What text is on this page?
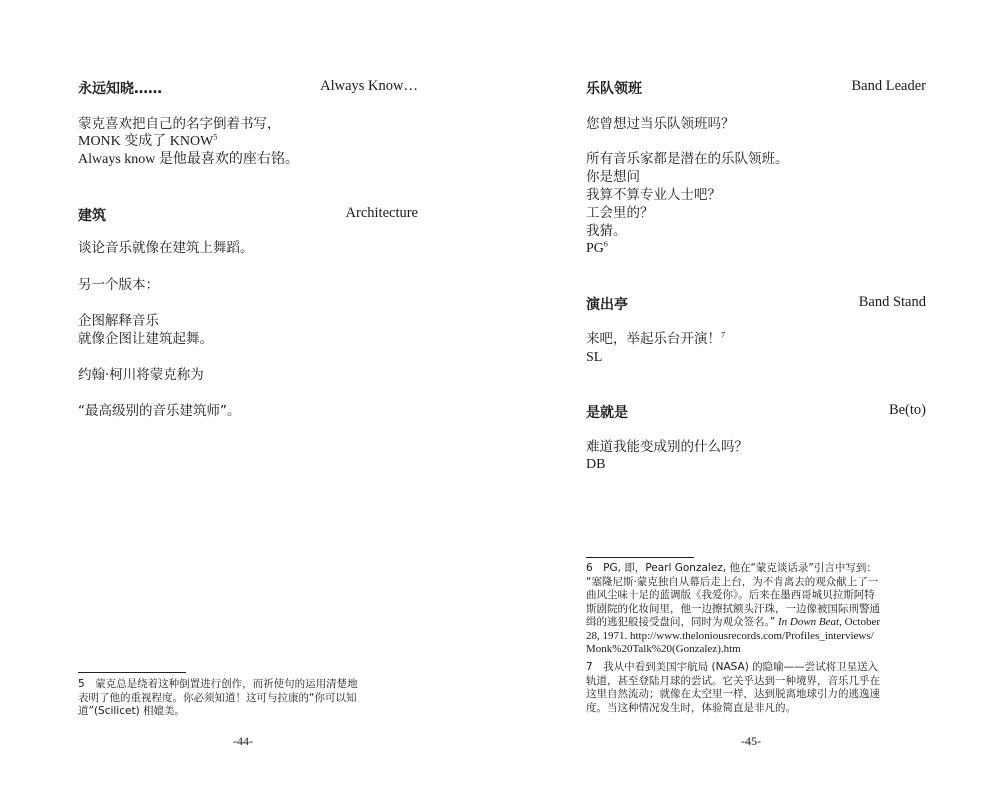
永远知晓……	Always Know…
蒙克喜欢把自己的名字倒着书写，
MONK 变成了 KNOW$^5$
Always know 是他最喜欢的座右铭。
建筑	Architecture
谈论音乐就像在建筑上舞蹈。
另一个版本：
企图解释音乐
就像企图让建筑起舞。
约翰·柯川将蒙克称为
“最高级别的音乐建筑师”。
5　蒙克总是绕着这种倒置进行创作，而祈使句的运用清楚地
表明了他的重视程度。你必须知道！这可与拉康的“你可以知
道”(Scilicet) 相媲美。
-44-
乐队领班	Band Leader
您曾想过当乐队领班吗？
所有音乐家都是潜在的乐队领班。
你是想问
我算不算专业人士吧？
工会里的？
我猜。
$PG^6$
演出亭	Band Stand
来吧，举起乐台开演！$^7$
SL
是就是	Be(to)
难道我能变成别的什么吗？
DB
6　PG, 即，Pearl Gonzalez, 他在“蒙克谈话录”引言中写到：
“塞隆尼斯·蒙克独自从幕后走上台，为不肯离去的观众献上了一
曲风尘味十足的蓝调版《我爱你》。后来在墨西哥城贝拉斯阿特
斯剧院的化妆间里，他一边擦拭额头汗珠，一边像被国际刑警通
缉的逃犯般接受盘问，同时为观众签名。” In Down Beat, October
28, 1971. http://www.theloniousrecords.com/Profiles_interviews/
Monk%20Talk%20(Gonzalez).htm
7　我从中看到美国宇航局 (NASA) 的隐喻——尝试将卫星送入
轨道，甚至登陆月球的尝试。它关乎达到一种境界，音乐几乎在
这里自然流动；就像在太空里一样，达到脱离地球引力的逃逸速
度。当这种情况发生时，体验简直是非凡的。
-45-
